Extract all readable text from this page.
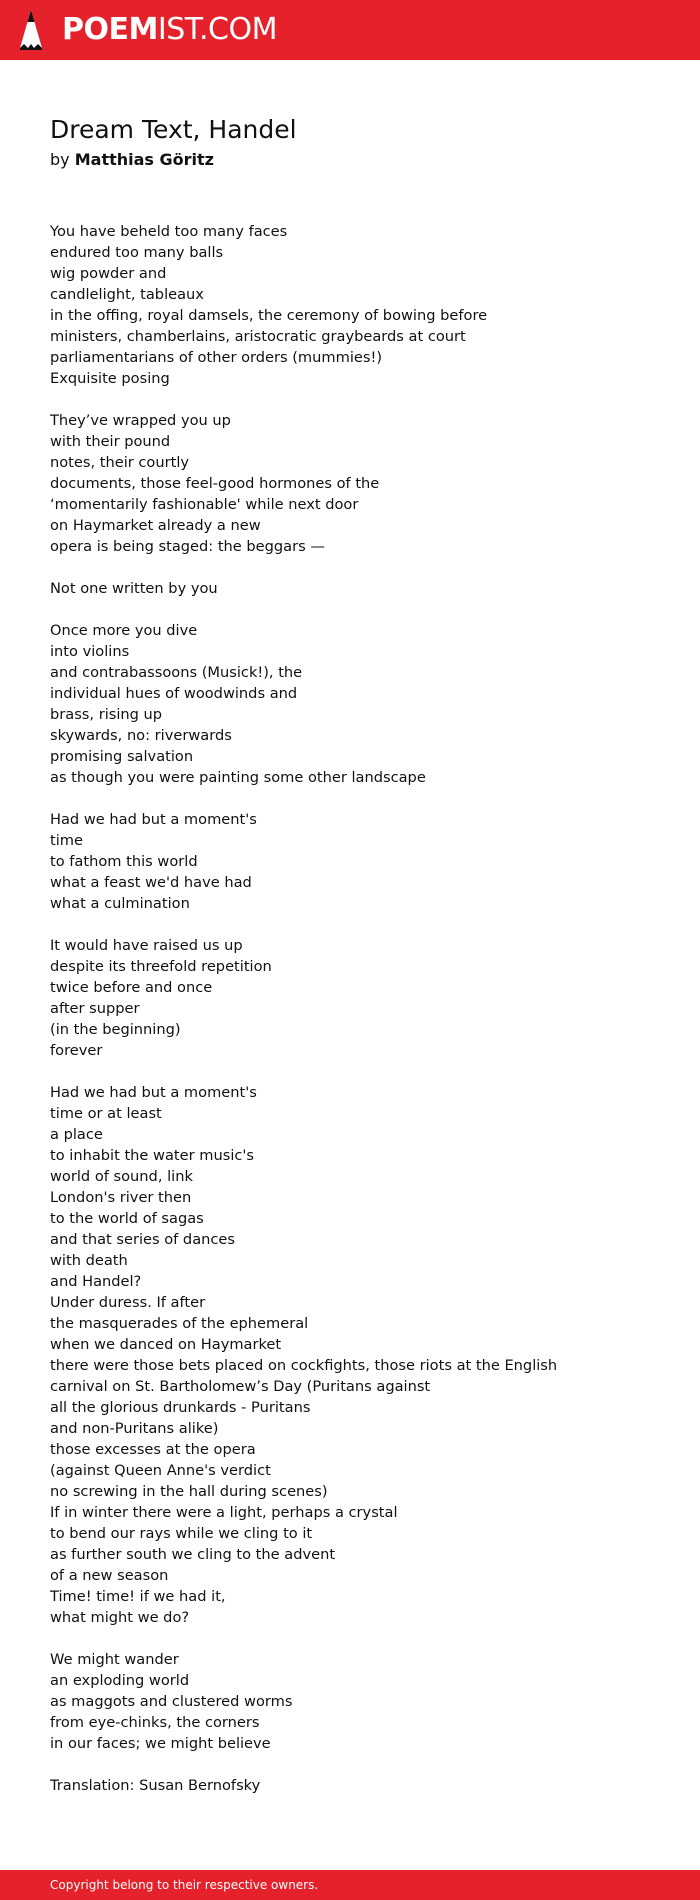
POEMIST.COM
Dream Text, Handel
by Matthias Göritz
You have beheld too many faces
endured too many balls
wig powder and
candlelight, tableaux
in the offing, royal damsels, the ceremony of bowing before
ministers, chamberlains, aristocratic graybeards at court
parliamentarians of other orders (mummies!)
Exquisite posing
They’ve wrapped you up
with their pound
notes, their courtly
documents, those feel-good hormones of the
‘momentarily fashionable' while next door
on Haymarket already a new
opera is being staged: the beggars —
Not one written by you
Once more you dive
into violins
and contrabassoons (Musick!), the
individual hues of woodwinds and
brass, rising up
skywards, no: riverwards
promising salvation
as though you were painting some other landscape
Had we had but a moment's
time
to fathom this world
what a feast we'd have had
what a culmination
It would have raised us up
despite its threefold repetition
twice before and once
after supper
(in the beginning)
forever
Had we had but a moment's
time or at least
a place
to inhabit the water music's
world of sound, link
London's river then
to the world of sagas
and that series of dances
with death
and Handel?
Under duress. If after
the masquerades of the ephemeral
when we danced on Haymarket
there were those bets placed on cockfights, those riots at the English
carnival on St. Bartholomew’s Day (Puritans against
all the glorious drunkards - Puritans
and non-Puritans alike)
those excesses at the opera
(against Queen Anne's verdict
no screwing in the hall during scenes)
If in winter there were a light, perhaps a crystal
to bend our rays while we cling to it
as further south we cling to the advent
of a new season
Time! time! if we had it,
what might we do?
We might wander
an exploding world
as maggots and clustered worms
from eye-chinks, the corners
in our faces; we might believe
Translation: Susan Bernofsky
Copyright belong to their respective owners.
